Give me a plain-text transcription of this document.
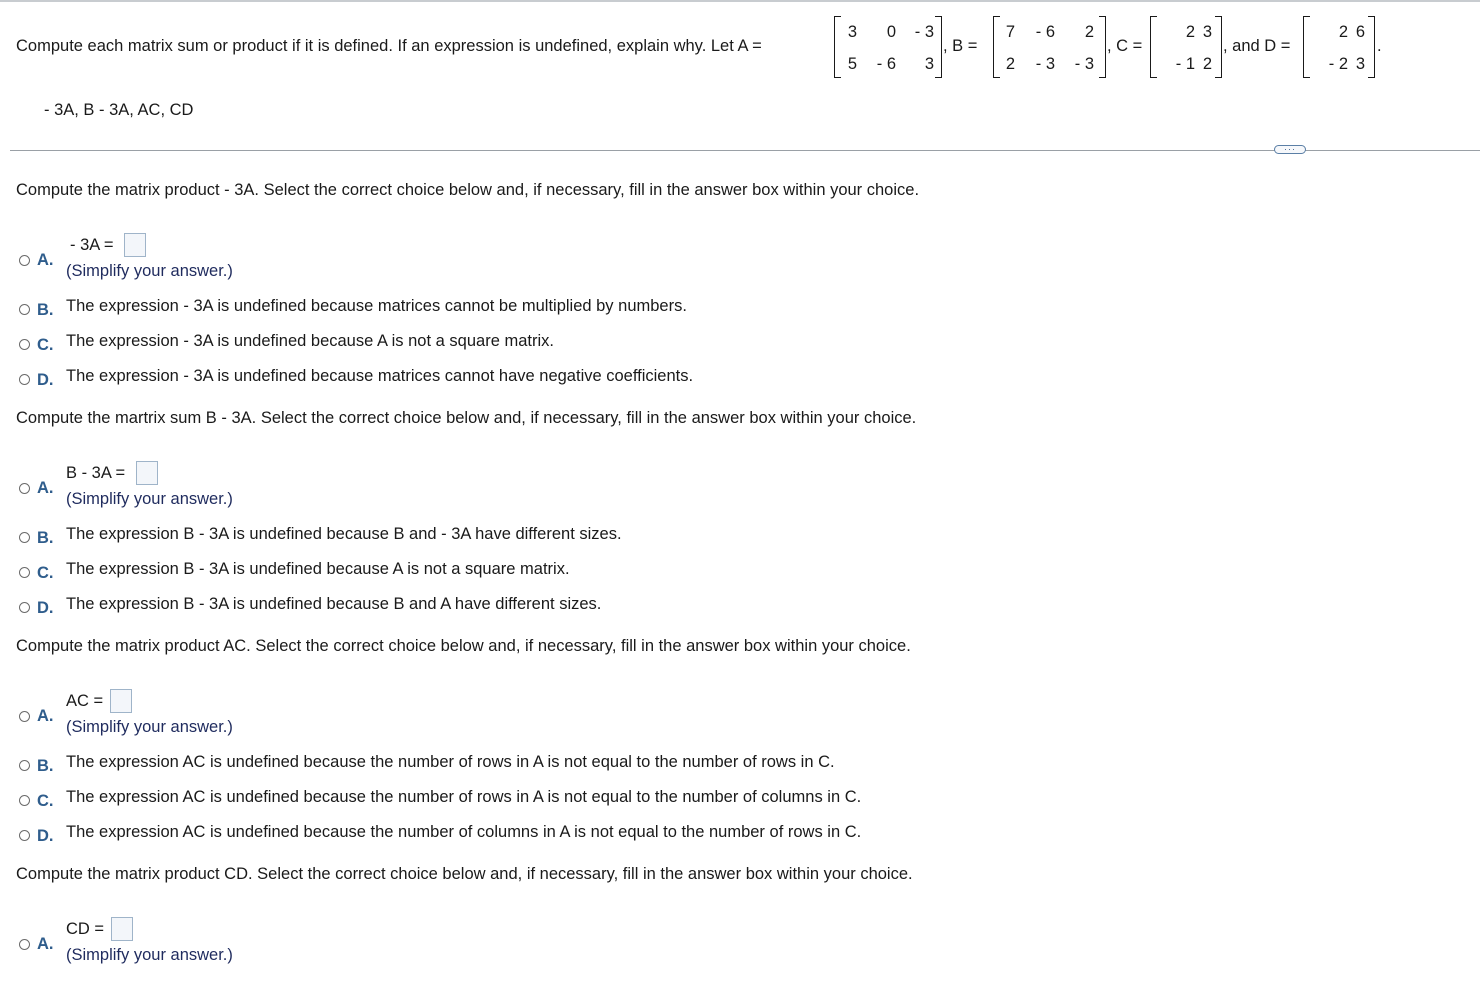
Compute each matrix sum or product if it is defined. If an expression is undefined, explain why. Let A =
3 0 - 3
5 - 6 3
, B =
7 - 6 2
2 - 3 - 3
, C =
2 3
- 1 2
, and D =
2 6
- 2 3
.
- 3A, B - 3A, AC, CD
···
Compute the matrix product - 3A. Select the correct choice below and, if necessary, fill in the answer box within your choice.
A.
- 3A =
(Simplify your answer.)
B. The expression - 3A is undefined because matrices cannot be multiplied by numbers.
C. The expression - 3A is undefined because A is not a square matrix.
D. The expression - 3A is undefined because matrices cannot have negative coefficients.
Compute the martrix sum B - 3A. Select the correct choice below and, if necessary, fill in the answer box within your choice.
A.
B - 3A =
(Simplify your answer.)
B. The expression B - 3A is undefined because B and - 3A have different sizes.
C. The expression B - 3A is undefined because A is not a square matrix.
D. The expression B - 3A is undefined because B and A have different sizes.
Compute the matrix product AC. Select the correct choice below and, if necessary, fill in the answer box within your choice.
A.
AC =
(Simplify your answer.)
B. The expression AC is undefined because the number of rows in A is not equal to the number of rows in C.
C. The expression AC is undefined because the number of rows in A is not equal to the number of columns in C.
D. The expression AC is undefined because the number of columns in A is not equal to the number of rows in C.
Compute the matrix product CD. Select the correct choice below and, if necessary, fill in the answer box within your choice.
A.
CD =
(Simplify your answer.)
